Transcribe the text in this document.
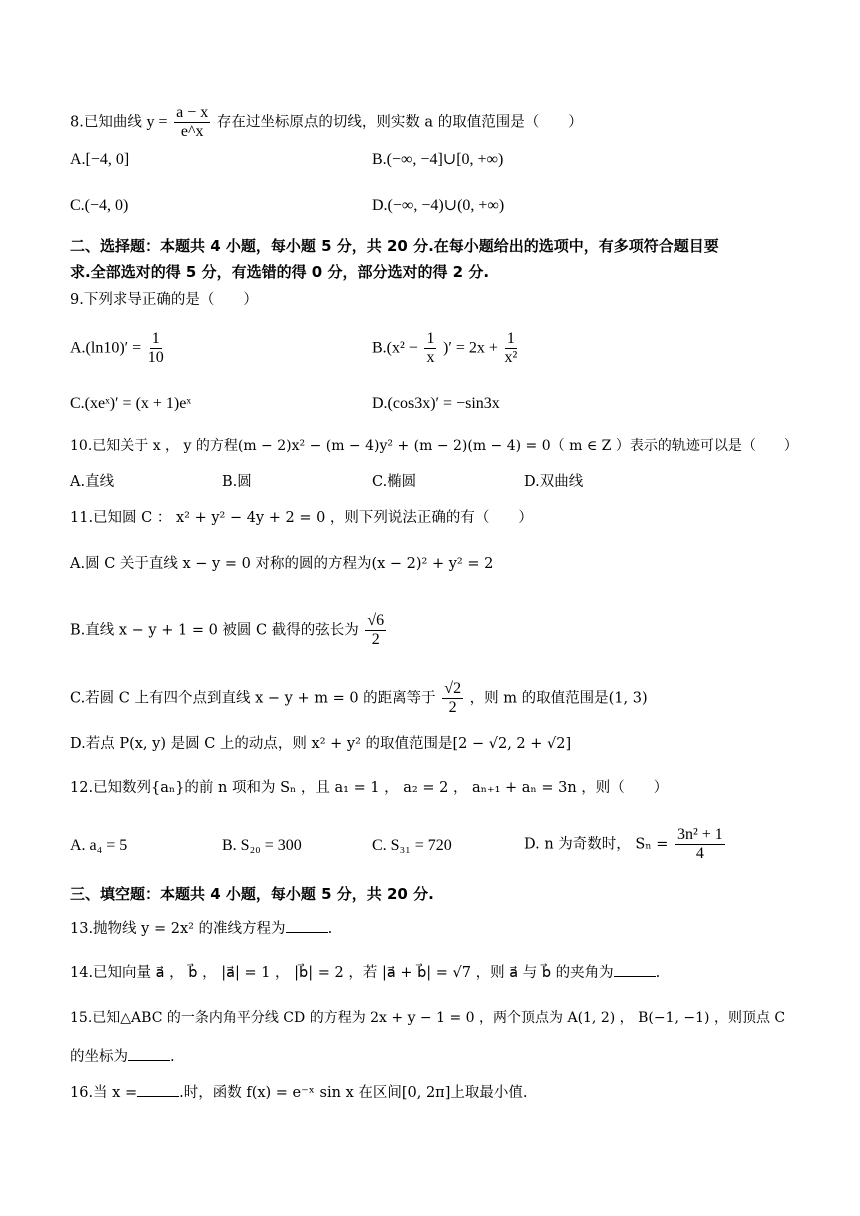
8.已知曲线 $y = \frac{a - x}{e\^{}x}$ 存在过坐标原点的切线，则实数 a 的取值范围是（　　）
A.[−4, 0]	B.(−∞, −4]∪[0, +∞)
C.(−4, 0)	D.(−∞, −4)∪(0, +∞)
二、选择题：本题共 4 小题，每小题 5 分，共 20 分.在每小题给出的选项中，有多项符合题目要
求.全部选对的得 5 分，有选错的得 0 分，部分选对的得 2 分.
9.下列求导正确的是（　　）
$A.(\ln 10)' = \frac{1}{10}$	$B.(x^2 - \frac{1}{x}$ )′ = $2x + \frac{1}{\text{x²}}$
C.(xeˣ)′ = (x + 1)eˣ	D.(cos3x)′ = −sin3x
10.已知关于 x ， y 的方程(m − 2)x² − (m − 4)y² + (m − 2)(m − 4) = 0（ m ∈ Z ）表示的轨迹可以是（　　）
A.直线	B.圆	C.椭圆	D.双曲线
11.已知圆 C ： x² + y² − 4y + 2 = 0 ，则下列说法正确的有（　　）
A.圆 C 关于直线 x − y = 0 对称的圆的方程为(x − 2)² + y² = 2
B.直线 x − y + 1 = 0 被圆 C 截得的弦长为 $\frac{√6}{2}$
C.若圆 C 上有四个点到直线 x − y + m = 0 的距离等于 $\frac{√2}{2}$ ，则 m 的取值范围是(1, 3)
D.若点 P(x, y) 是圆 C 上的动点，则 x² + y² 的取值范围是[2 − √2, 2 + √2]
12.已知数列{aₙ}的前 n 项和为 Sₙ ，且 a₁ = 1 ， a₂ = 2 ， aₙ₊₁ + aₙ = 3n ，则（　　）
A. a₄ = 5	B. S₂₀ = 300	C. S₃₁ = 720	D. n 为奇数时， $S_n = \frac{\text{3n² + 1}}{4}$
三、填空题：本题共 4 小题，每小题 5 分，共 20 分.
13.抛物线 y = 2x² 的准线方程为	.
14.已知向量 a⃗ ， b⃗ ， |a⃗| = 1 ， |b⃗| = 2 ，若 |a⃗ + b⃗| = √7 ，则 a⃗ 与 b⃗ 的夹角为	.
15.已知△ABC 的一条内角平分线 CD 的方程为 2x + y − 1 = 0 ，两个顶点为 A(1, 2) ， B(−1, −1) ，则顶点 C
的坐标为	.
16.当 x =	.时，函数 f(x) = e⁻ˣ sin x 在区间[0, 2π]上取最小值.
